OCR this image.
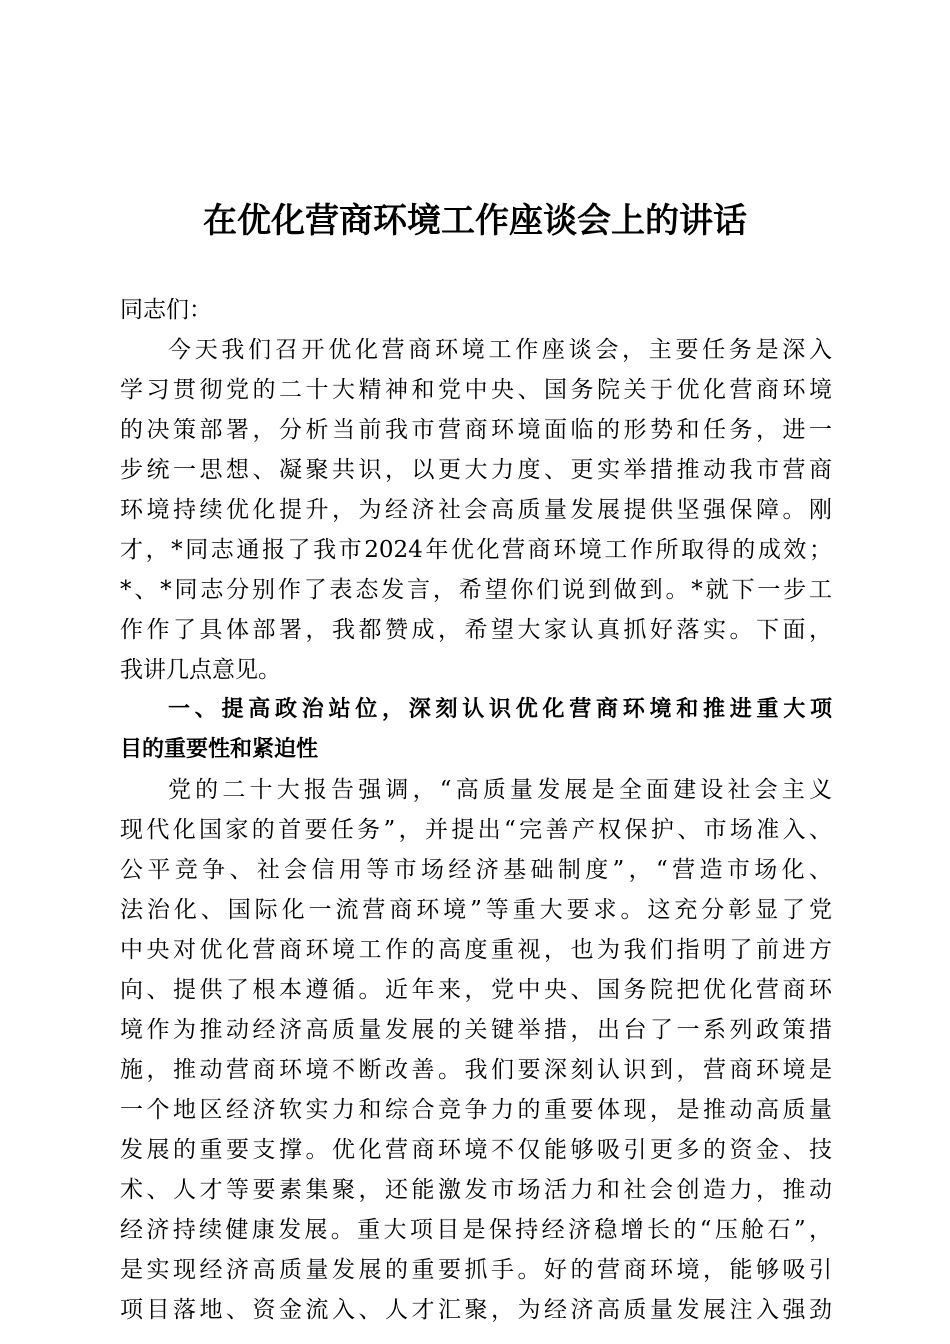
在优化营商环境工作座谈会上的讲话
同志们：
今天我们召开优化营商环境工作座谈会，主要任务是深入
学习贯彻党的二十大精神和党中央、国务院关于优化营商环境
的决策部署，分析当前我市营商环境面临的形势和任务，进一
步统一思想、凝聚共识，以更大力度、更实举措推动我市营商
环境持续优化提升，为经济社会高质量发展提供坚强保障。刚
才，*同志通报了我市2024年优化营商环境工作所取得的成效；
*、*同志分别作了表态发言，希望你们说到做到。*就下一步工
作作了具体部署，我都赞成，希望大家认真抓好落实。下面，
我讲几点意见。
一、提高政治站位，深刻认识优化营商环境和推进重大项
目的重要性和紧迫性
党的二十大报告强调，“高质量发展是全面建设社会主义
现代化国家的首要任务”，并提出“完善产权保护、市场准入、
公平竞争、社会信用等市场经济基础制度”，“营造市场化、
法治化、国际化一流营商环境”等重大要求。这充分彰显了党
中央对优化营商环境工作的高度重视，也为我们指明了前进方
向、提供了根本遵循。近年来，党中央、国务院把优化营商环
境作为推动经济高质量发展的关键举措，出台了一系列政策措
施，推动营商环境不断改善。我们要深刻认识到，营商环境是
一个地区经济软实力和综合竞争力的重要体现，是推动高质量
发展的重要支撑。优化营商环境不仅能够吸引更多的资金、技
术、人才等要素集聚，还能激发市场活力和社会创造力，推动
经济持续健康发展。重大项目是保持经济稳增长的“压舱石”，
是实现经济高质量发展的重要抓手。好的营商环境，能够吸引
项目落地、资金流入、人才汇聚，为经济高质量发展注入强劲
